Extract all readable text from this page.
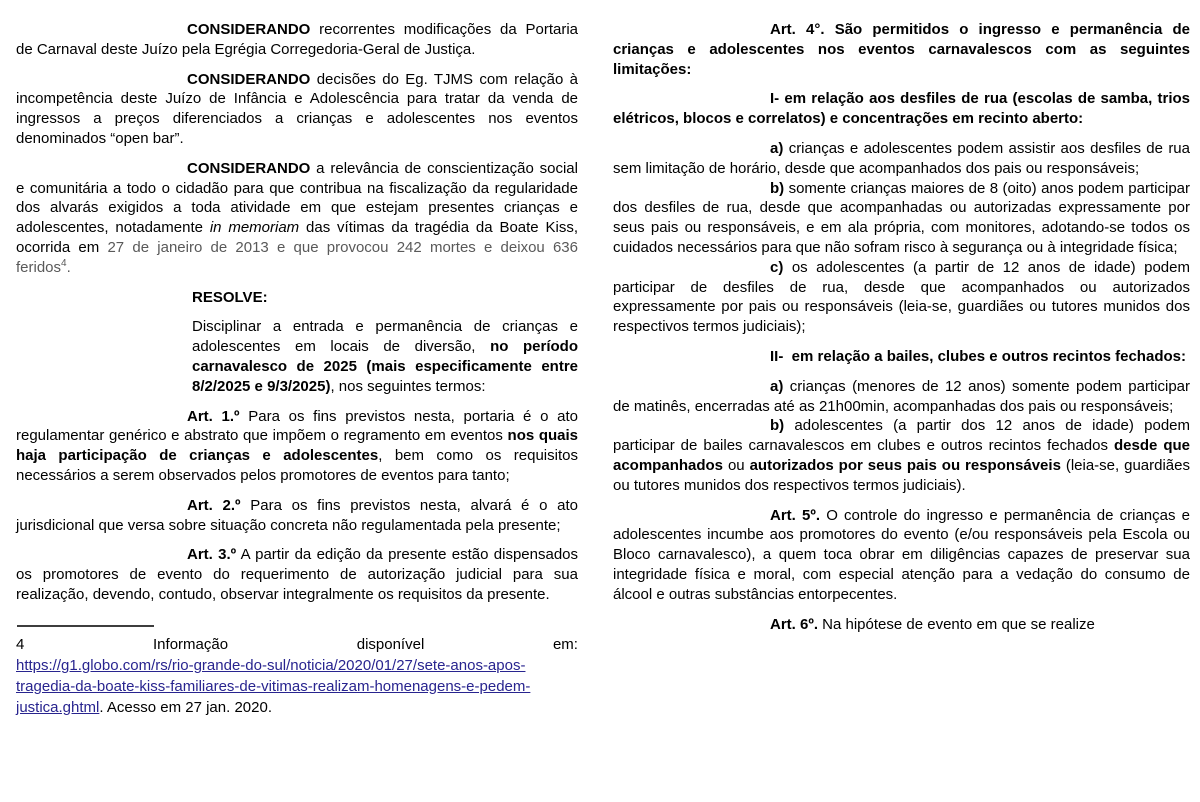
CONSIDERANDO recorrentes modificações da Portaria de Carnaval deste Juízo pela Egrégia Corregedoria-Geral de Justiça.

CONSIDERANDO decisões do Eg. TJMS com relação à incompetência deste Juízo de Infância e Adolescência para tratar da venda de ingressos a preços diferenciados a crianças e adolescentes nos eventos denominados “open bar”.

CONSIDERANDO a relevância de conscientização social e comunitária a todo o cidadão para que contribua na fiscalização da regularidade dos alvarás exigidos a toda atividade em que estejam presentes crianças e adolescentes, notadamente in memoriam das vítimas da tragédia da Boate Kiss, ocorrida em 27 de janeiro de 2013 e que provocou 242 mortes e deixou 636 feridos$^4$.

RESOLVE:

Disciplinar a entrada e permanência de crianças e adolescentes em locais de diversão, no período carnavalesco de 2025 (mais especificamente entre 8/2/2025 e 9/3/2025), nos seguintes termos:

Art. 1.º Para os fins previstos nesta, portaria é o ato regulamentar genérico e abstrato que impõem o regramento em eventos nos quais haja participação de crianças e adolescentes, bem como os requisitos necessários a serem observados pelos promotores de eventos para tanto;

Art. 2.º Para os fins previstos nesta, alvará é o ato jurisdicional que versa sobre situação concreta não regulamentada pela presente;

Art. 3.º A partir da edição da presente estão dispensados os promotores de evento do requerimento de autorização judicial para sua realização, devendo, contudo, observar integralmente os requisitos da presente.

4	Informação	disponível	em:

https://g1.globo.com/rs/rio-grande-do-sul/noticia/2020/01/27/sete-anos-apos-tragedia-da-boate-kiss-familiares-de-vitimas-realizam-homenagens-e-pedem-justica.ghtml. Acesso em 27 jan. 2020.

Art. 4°. São permitidos o ingresso e permanência de crianças e adolescentes nos eventos carnavalescos com as seguintes limitações:

I- em relação aos desfiles de rua (escolas de samba, trios elétricos, blocos e correlatos) e concentrações em recinto aberto:

a) crianças e adolescentes podem assistir aos desfiles de rua sem limitação de horário, desde que acompanhados dos pais ou responsáveis;

b) somente crianças maiores de 8 (oito) anos podem participar dos desfiles de rua, desde que acompanhadas ou autorizadas expressamente por seus pais ou responsáveis, e em ala própria, com monitores, adotando-se todos os cuidados necessários para que não sofram risco à segurança ou à integridade física;

c) os adolescentes (a partir de 12 anos de idade) podem participar de desfiles de rua, desde que acompanhados ou autorizados expressamente por pais ou responsáveis (leia-se, guardiães ou tutores munidos dos respectivos termos judiciais);

II-  em relação a bailes, clubes e outros recintos fechados:

a) crianças (menores de 12 anos) somente podem participar de matinês, encerradas até as 21h00min, acompanhadas dos pais ou responsáveis;

b) adolescentes (a partir dos 12 anos de idade) podem participar de bailes carnavalescos em clubes e outros recintos fechados desde que acompanhados ou autorizados por seus pais ou responsáveis (leia-se, guardiães ou tutores munidos dos respectivos termos judiciais).

Art. 5º. O controle do ingresso e permanência de crianças e adolescentes incumbe aos promotores do evento (e/ou responsáveis pela Escola ou Bloco carnavalesco), a quem toca obrar em diligências capazes de preservar sua integridade física e moral, com especial atenção para a vedação do consumo de álcool e outras substâncias entorpecentes.

Art. 6º. Na hipótese de evento em que se realize
